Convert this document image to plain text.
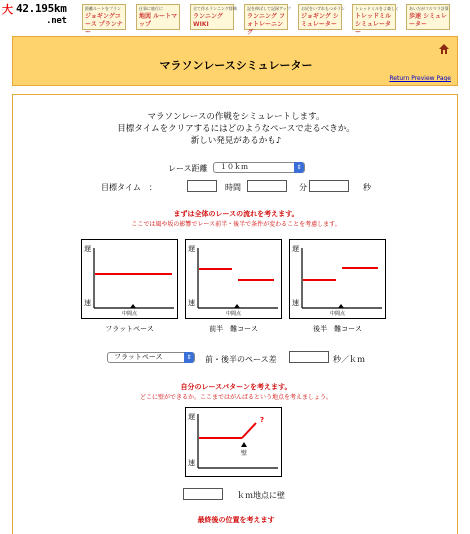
大 42.195km
.net
距離ルートをプラン
ジョギングコース プランナー
仕事に旅行に
地図 ルートマップ
全て作るランニング辞典
ランニング WIKI
記を伸ばして記録アップ
ランニング フォトレーニング
お尻をいずれもつカラン
ジョギング シミュレーター
トレッドミルをよ楽しく
トレッドミル シミュレーター
あいだがフルマラ計算
歩速 シミュレーター
マラソンレースシミュレーター
Return Preview Page
マラソンレースの作戦をシミュレートします。
目標タイムをクリアするにはどのようなペースで走るべきか。
新しい発見があるかも♪
レース距離	１０ｋｍ	⇕
目標タイム　：	時間	分	秒
まずは全体のレースの流れを考えます。
ここでは風や坂の影響でレース前半・後半で条件が変わることを考慮します。
遅
速
中間点
フラットペース
遅
速
中間点
前半　難コース
遅
速
中間点
後半　難コース
フラットペース	⇕	前・後半のペース差	秒／ｋｍ
自分のレースパターンを考えます。
どこに壁ができるか。ここまではがんばるという地点を考えましょう。
遅
速
壁
?
ｋｍ地点に壁
最終後の位置を考えます
